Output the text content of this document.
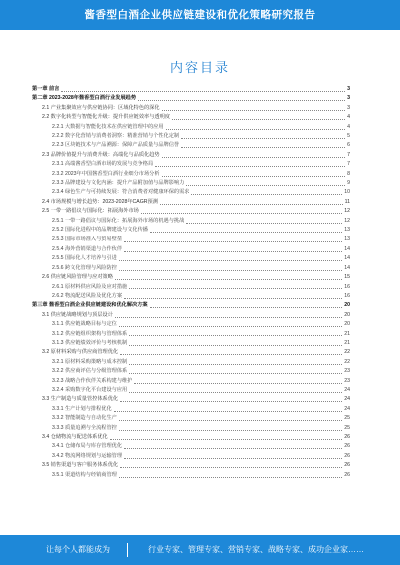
酱香型白酒企业供应链建设和优化策略研究报告
内容目录
第一章 前言	3
第二章 2023-2028年酱香型白酒行业发展趋势	3
2.1 产业集聚效应与供应链协同：区域化特色的深化	3
2.2 数字化转型与智能化升级：提升供应链效率与透明度	4
2.2.1 大数据与智能化技术在供应链管理中的应用	4
2.2.2 数字化营销与消费者洞察：精准营销与个性化定制	5
2.2.3 区块链技术与产品溯源：保障产品质量与品牌信誉	6
2.3 品牌价值提升与消费升级：高端化与品质化趋势	7
2.3.1 高端酱香型白酒市场的发展与竞争格局	7
2.3.2 2023年中国酱香型白酒行业细分市场分析	8
2.3.3 品牌建设与文化内涵：提升产品附加值与品牌影响力	9
2.3.4 绿色生产与可持续发展：符合消费者对健康环保的需求	10
2.4 市场规模与增长趋势：2023-2028年CAGR预测	11
2.5 一带一路倡议与国际化：拓展海外市场	12
2.5.1 一带一路倡议与国际化：拓展海外市场的机遇与挑战	12
2.5.2 国际化进程中的品牌建设与文化传播	13
2.5.3 国际市场准入与贸易壁垒	13
2.5.4 海外营销渠道与合作伙伴	14
2.5.5 国际化人才培养与引进	14
2.5.6 跨文化管理与风险防控	14
2.6 供应链风险管理与应对策略	15
2.6.1 原材料供应风险及应对措施	16
2.6.2 物流配送风险及优化方案	16
第三章 酱香型白酒企业供应链建设和优化解决方案	20
3.1 供应链战略规划与顶层设计	20
3.1.1 供应链战略目标与定位	20
3.1.2 供应链组织架构与管理体系	21
3.1.3 供应链绩效评价与考核机制	21
3.2 原材料采购与供应商管理优化	22
3.2.1 原材料采购策略与成本控制	22
3.2.2 供应商评估与分级管理体系	23
3.2.3 战略合作伙伴关系构建与维护	23
3.2.4 采购数字化平台建设与应用	24
3.3 生产制造与质量管控体系优化	24
3.3.1 生产计划与排程优化	24
3.3.2 智能制造与自动化生产	25
3.3.3 质量追溯与全流程管控	25
3.4 仓储物流与配送体系优化	26
3.4.1 仓储布局与库存管理优化	26
3.4.2 物流网络规划与运输管理	26
3.5 销售渠道与客户服务体系优化	26
3.5.1 渠道结构与经销商管理	26
让每个人都能成为	行业专家、管理专家、营销专家、战略专家、成功企业家……
